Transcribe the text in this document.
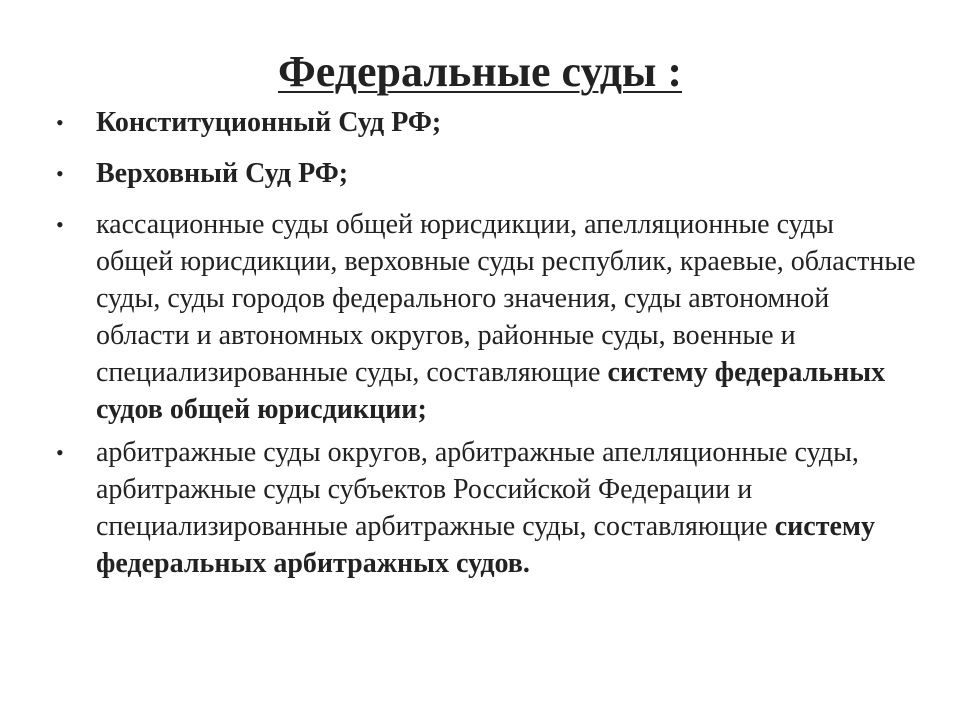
Федеральные суды :
• Конституционный Суд РФ;
• Верховный Суд РФ;
• кассационные суды общей юрисдикции, апелляционные суды общей юрисдикции, верховные суды республик, краевые, областные суды, суды городов федерального значения, суды автономной области и автономных округов, районные суды, военные и специализированные суды, составляющие систему федеральных судов общей юрисдикции;
• арбитражные суды округов, арбитражные апелляционные суды, арбитражные суды субъектов Российской Федерации и специализированные арбитражные суды, составляющие систему федеральных арбитражных судов.
